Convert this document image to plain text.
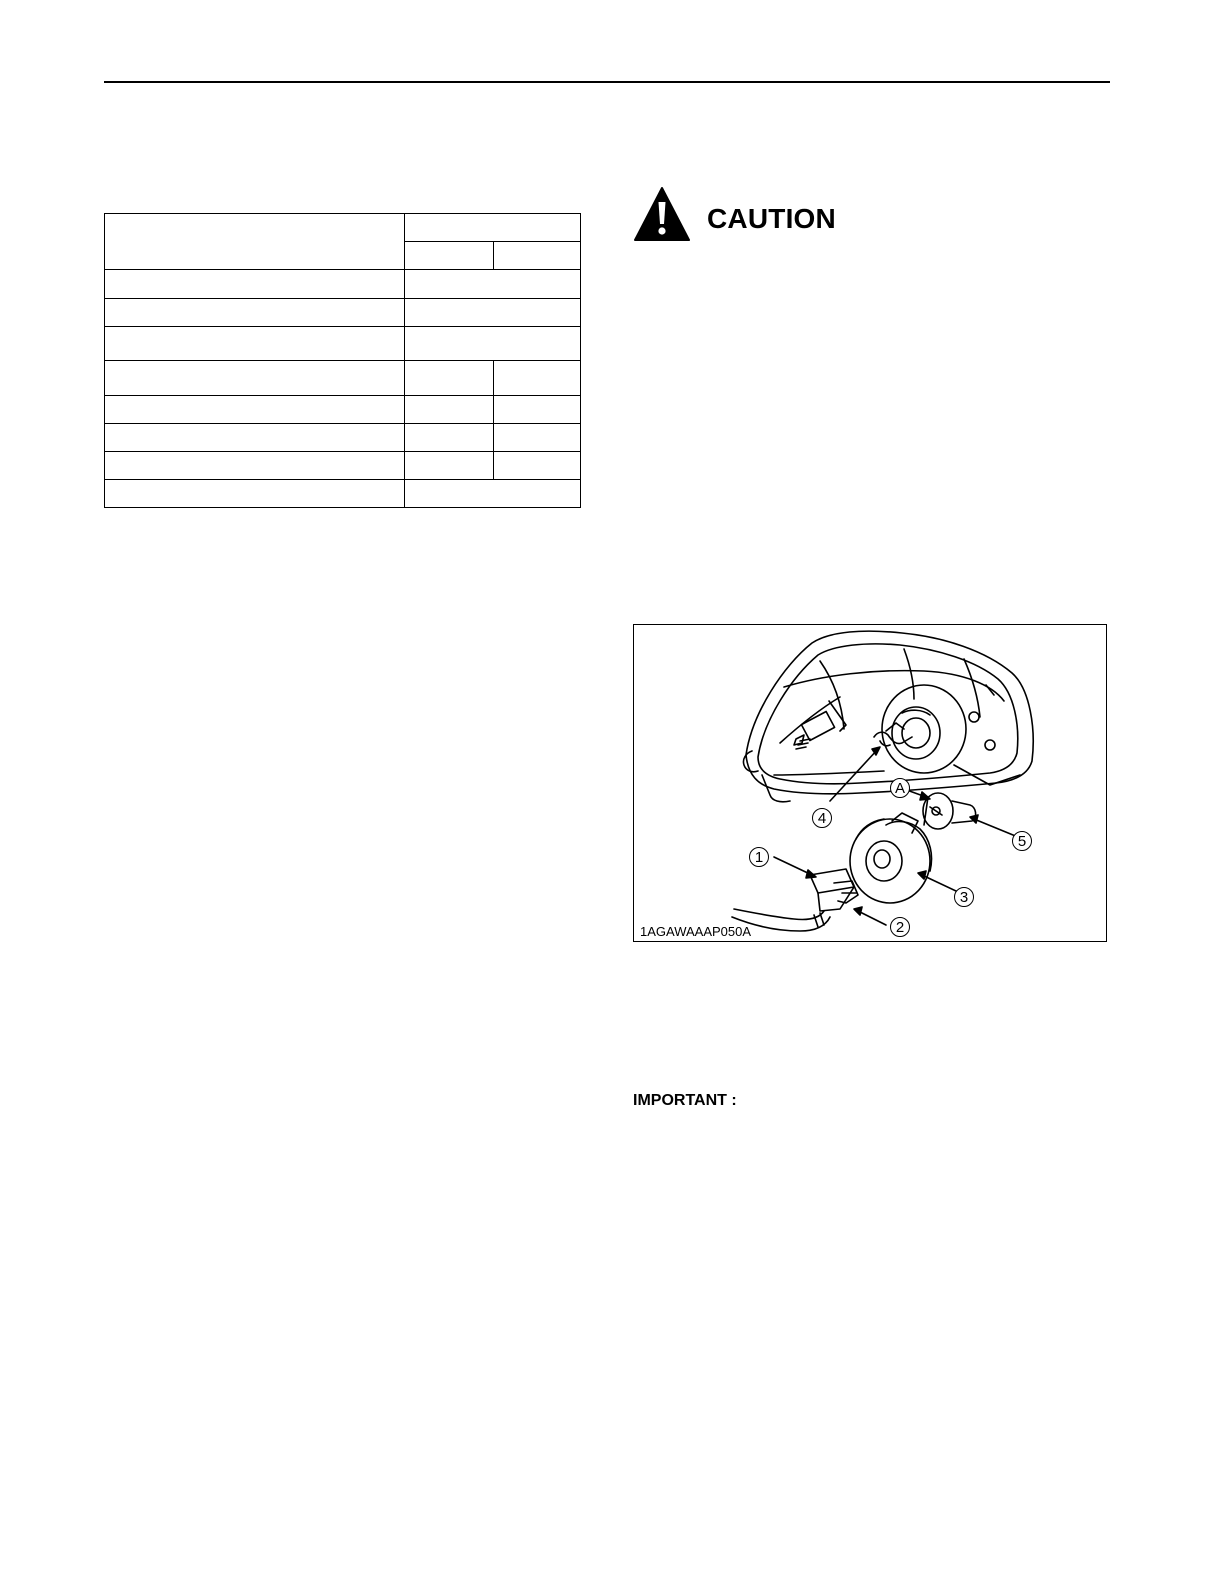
CAUTION
A
4
5
1
3
2
1AGAWAAAP050A
IMPORTANT :
